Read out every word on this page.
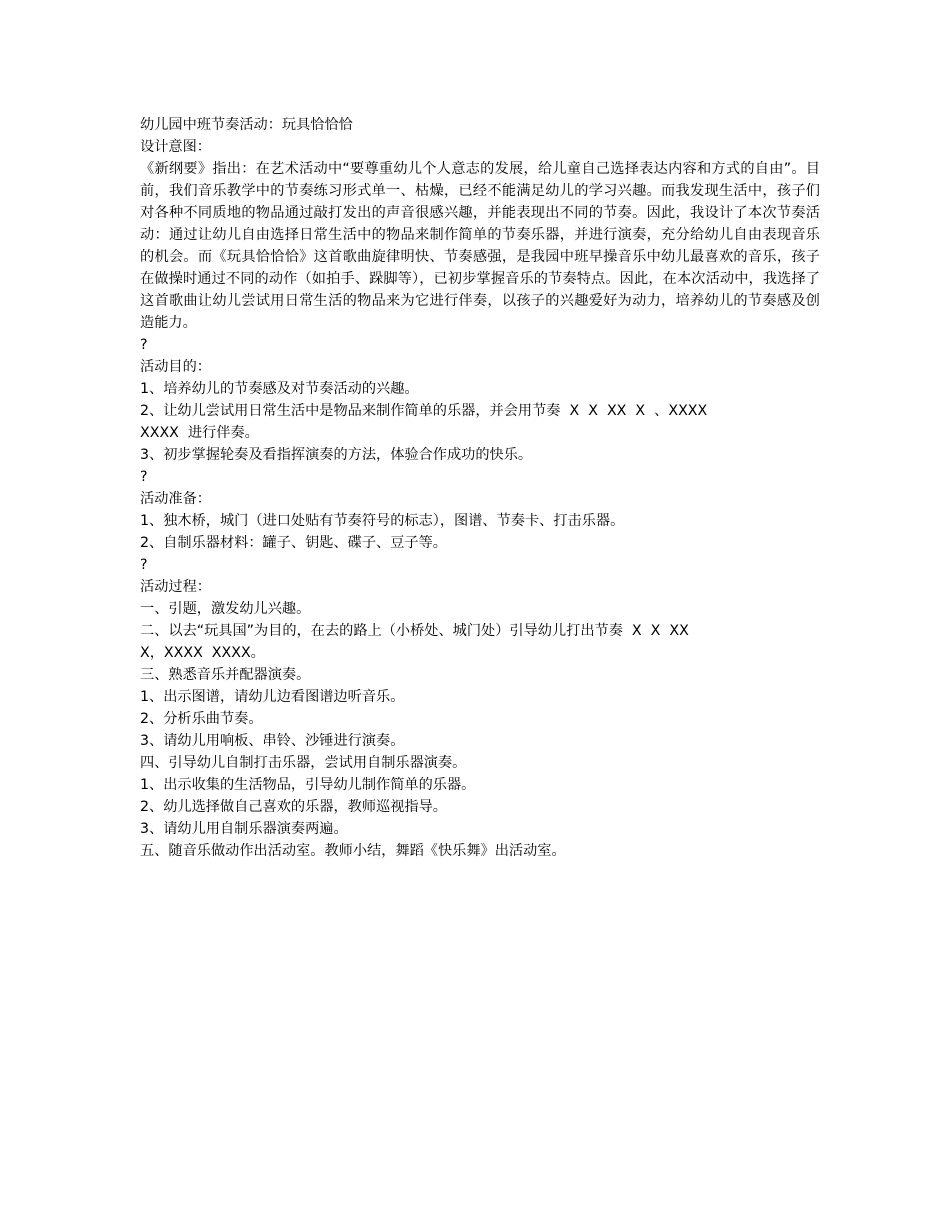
幼儿园中班节奏活动：玩具恰恰恰
设计意图：
《新纲要》指出：在艺术活动中“要尊重幼儿个人意志的发展，给儿童自己选择表达内容和方式的自由”。目前，我们音乐教学中的节奏练习形式单一、枯燥，已经不能满足幼儿的学习兴趣。而我发现生活中，孩子们对各种不同质地的物品通过敲打发出的声音很感兴趣，并能表现出不同的节奏。因此，我设计了本次节奏活动：通过让幼儿自由选择日常生活中的物品来制作简单的节奏乐器，并进行演奏，充分给幼儿自由表现音乐的机会。而《玩具恰恰恰》这首歌曲旋律明快、节奏感强，是我园中班早操音乐中幼儿最喜欢的音乐，孩子在做操时通过不同的动作（如拍手、跺脚等），已初步掌握音乐的节奏特点。因此，在本次活动中，我选择了这首歌曲让幼儿尝试用日常生活的物品来为它进行伴奏，以孩子的兴趣爱好为动力，培养幼儿的节奏感及创造能力。
?
活动目的：
1、培养幼儿的节奏感及对节奏活动的兴趣。
2、让幼儿尝试用日常生活中是物品来制作简单的乐器，并会用节奏  X  X  XX  X  、XXXX
XXXX  进行伴奏。
3、初步掌握轮奏及看指挥演奏的方法，体验合作成功的快乐。
?
活动准备：
1、独木桥，城门（进口处贴有节奏符号的标志），图谱、节奏卡、打击乐器。
2、自制乐器材料：罐子、钥匙、碟子、豆子等。
?
活动过程：
一、引题，激发幼儿兴趣。
二、以去“玩具国”为目的，在去的路上（小桥处、城门处）引导幼儿打出节奏  X  X  XX
X，XXXX  XXXX。
三、熟悉音乐并配器演奏。
1、出示图谱，请幼儿边看图谱边听音乐。
2、分析乐曲节奏。
3、请幼儿用响板、串铃、沙锤进行演奏。
四、引导幼儿自制打击乐器，尝试用自制乐器演奏。
1、出示收集的生活物品，引导幼儿制作简单的乐器。
2、幼儿选择做自己喜欢的乐器，教师巡视指导。
3、请幼儿用自制乐器演奏两遍。
五、随音乐做动作出活动室。教师小结，舞蹈《快乐舞》出活动室。
